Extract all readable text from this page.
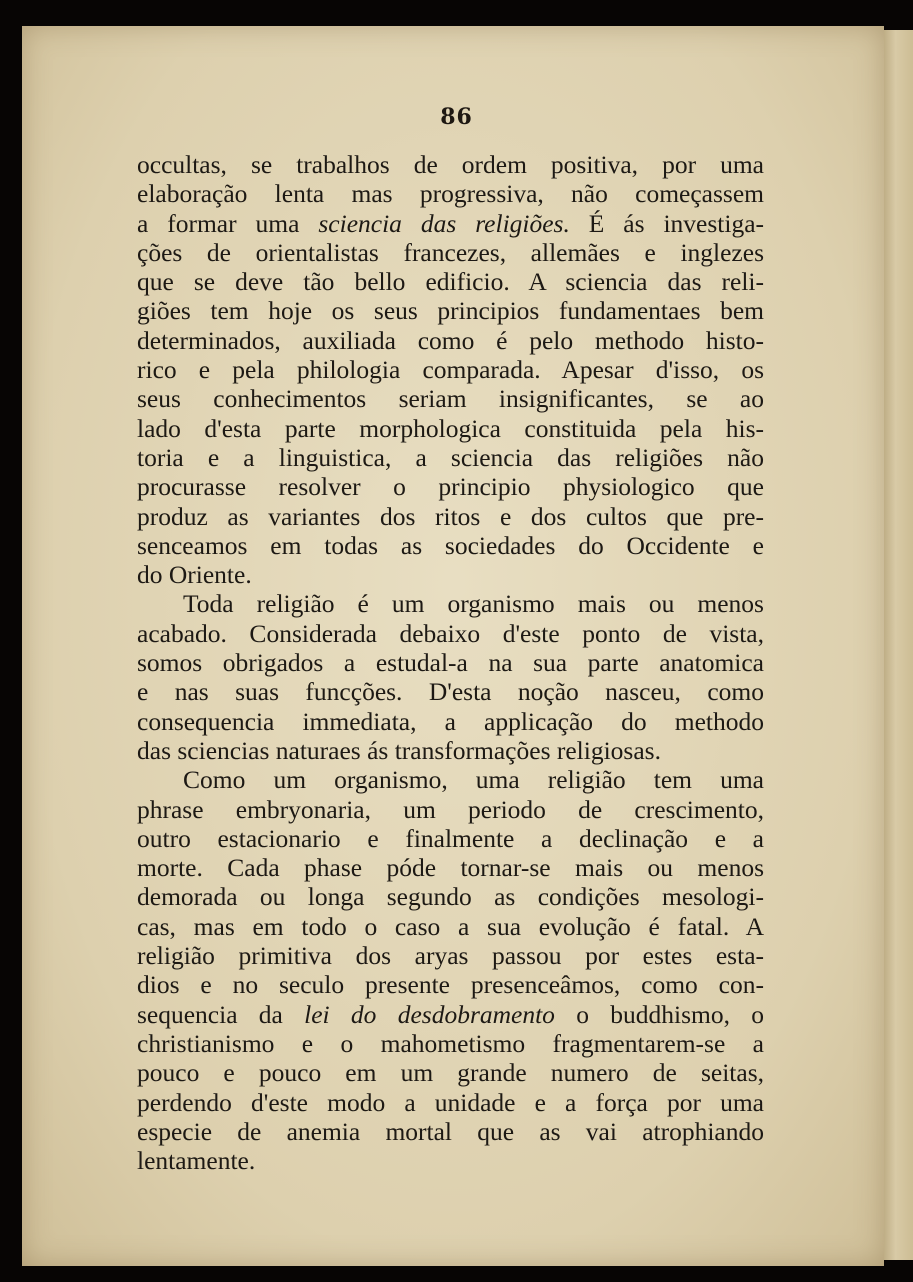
86
occultas, se trabalhos de ordem positiva, por uma
elaboração lenta mas progressiva, não começassem
a formar uma sciencia das religiões. É ás investiga-
ções de orientalistas francezes, allemães e inglezes
que se deve tão bello edificio. A sciencia das reli-
giões tem hoje os seus principios fundamentaes bem
determinados, auxiliada como é pelo methodo histo-
rico e pela philologia comparada. Apesar d'isso, os
seus conhecimentos seriam insignificantes, se ao
lado d'esta parte morphologica constituida pela his-
toria e a linguistica, a sciencia das religiões não
procurasse resolver o principio physiologico que
produz as variantes dos ritos e dos cultos que pre-
senceamos em todas as sociedades do Occidente e
do Oriente.
Toda religião é um organismo mais ou menos
acabado. Considerada debaixo d'este ponto de vista,
somos obrigados a estudal-a na sua parte anatomica
e nas suas funcções. D'esta noção nasceu, como
consequencia immediata, a applicação do methodo
das sciencias naturaes ás transformações religiosas.
Como um organismo, uma religião tem uma
phrase embryonaria, um periodo de crescimento,
outro estacionario e finalmente a declinação e a
morte. Cada phase póde tornar-se mais ou menos
demorada ou longa segundo as condições mesologi-
cas, mas em todo o caso a sua evolução é fatal. A
religião primitiva dos aryas passou por estes esta-
dios e no seculo presente presenceâmos, como con-
sequencia da lei do desdobramento o buddhismo, o
christianismo e o mahometismo fragmentarem-se a
pouco e pouco em um grande numero de seitas,
perdendo d'este modo a unidade e a força por uma
especie de anemia mortal que as vai atrophiando
lentamente.
